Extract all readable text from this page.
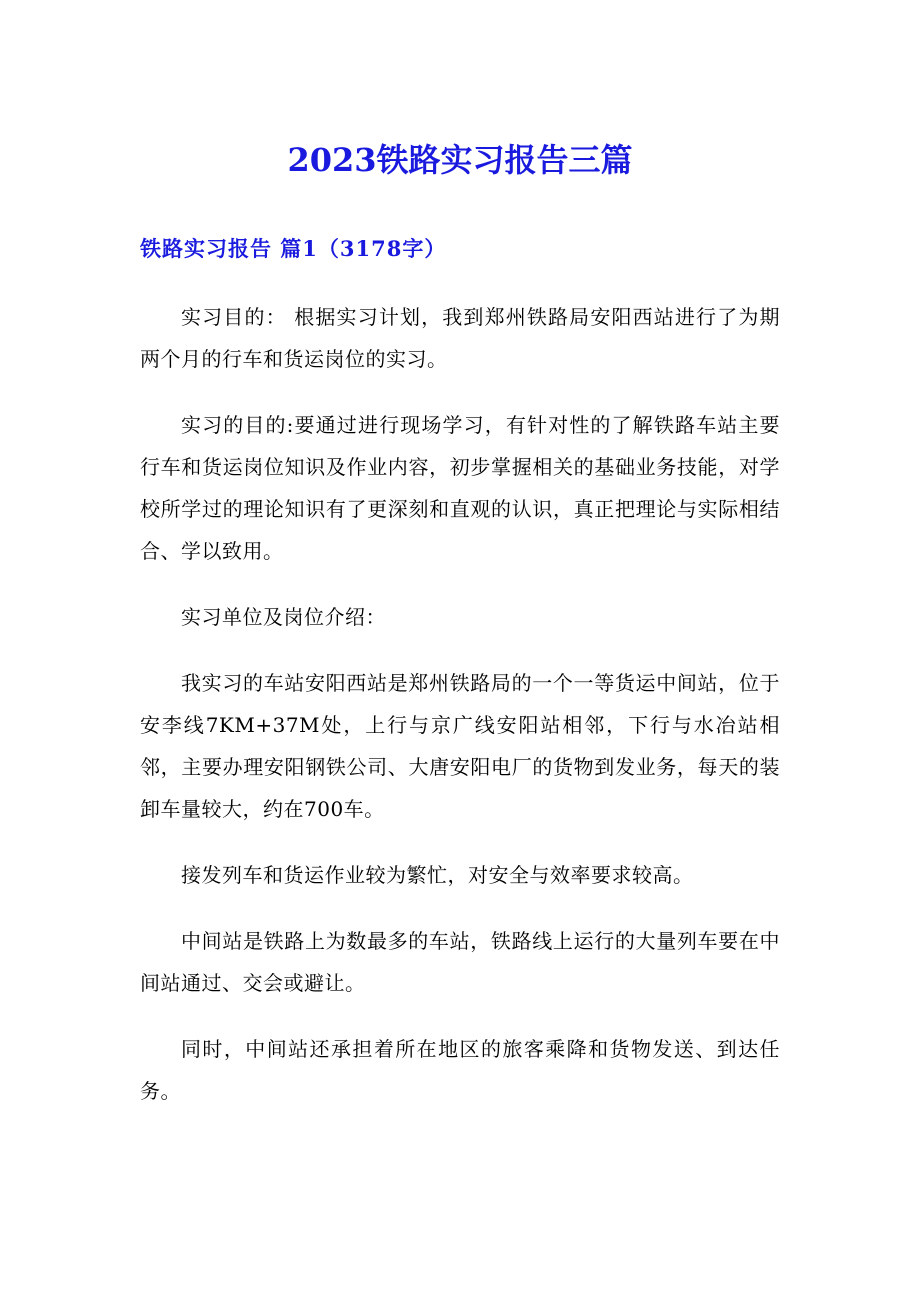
2023铁路实习报告三篇
铁路实习报告 篇1（3178字）

实习目的： 根据实习计划，我到郑州铁路局安阳西站进行了为期两个月的行车和货运岗位的实习。

实习的目的:要通过进行现场学习，有针对性的了解铁路车站主要行车和货运岗位知识及作业内容，初步掌握相关的基础业务技能，对学校所学过的理论知识有了更深刻和直观的认识，真正把理论与实际相结合、学以致用。

实习单位及岗位介绍：

我实习的车站安阳西站是郑州铁路局的一个一等货运中间站，位于安李线7KM+37M处，上行与京广线安阳站相邻，下行与水冶站相邻，主要办理安阳钢铁公司、大唐安阳电厂的货物到发业务，每天的装卸车量较大，约在700车。

接发列车和货运作业较为繁忙，对安全与效率要求较高。

中间站是铁路上为数最多的车站，铁路线上运行的大量列车要在中间站通过、交会或避让。

同时，中间站还承担着所在地区的旅客乘降和货物发送、到达任务。
